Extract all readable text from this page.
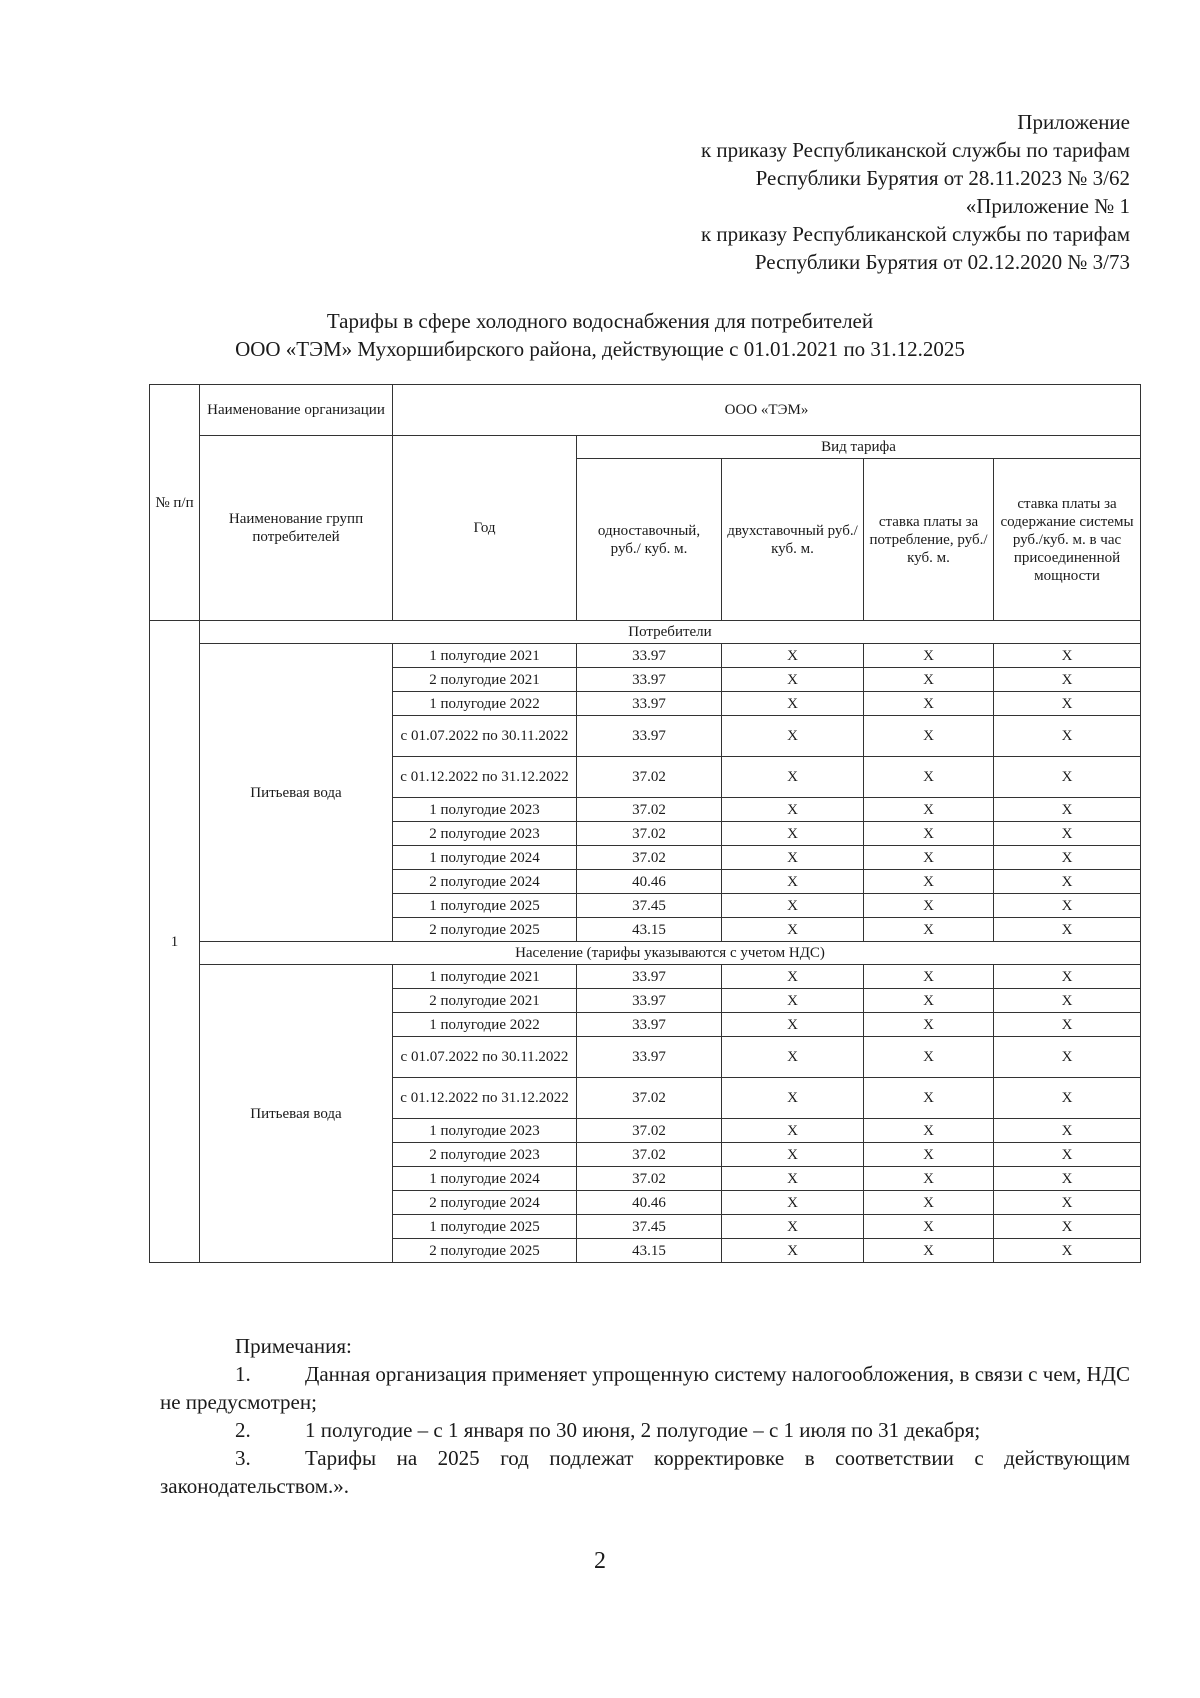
Приложение
к приказу Республиканской службы по тарифам
Республики Бурятия от 28.11.2023 № 3/62
«Приложение № 1
к приказу Республиканской службы по тарифам
Республики Бурятия от 02.12.2020 № 3/73
Тарифы в сфере холодного водоснабжения для потребителей
ООО «ТЭМ» Мухоршибирского района, действующие с 01.01.2021 по 31.12.2025
№ п/п	Наименование организации	ООО «ТЭМ»				
	Наименование групп потребителей	Год	Вид тарифа			
			одноставочный, руб./ куб. м.	двухставочный руб./ куб. м.	ставка платы за потребление, руб./ куб. м.	ставка платы за содержание системы руб./куб. м. в час присоединенной мощности
1	Потребители					
	Питьевая вода	1 полугодие 2021	33.97	X	X	X
		2 полугодие 2021	33.97	X	X	X
		1 полугодие 2022	33.97	X	X	X
		с 01.07.2022 по 30.11.2022	33.97	X	X	X
		с 01.12.2022 по 31.12.2022	37.02	X	X	X
		1 полугодие 2023	37.02	X	X	X
		2 полугодие 2023	37.02	X	X	X
		1 полугодие 2024	37.02	X	X	X
		2 полугодие 2024	40.46	X	X	X
		1 полугодие 2025	37.45	X	X	X
		2 полугодие 2025	43.15	X	X	X
	Население (тарифы указываются с учетом НДС)					
	Питьевая вода	1 полугодие 2021	33.97	X	X	X
		2 полугодие 2021	33.97	X	X	X
		1 полугодие 2022	33.97	X	X	X
		с 01.07.2022 по 30.11.2022	33.97	X	X	X
		с 01.12.2022 по 31.12.2022	37.02	X	X	X
		1 полугодие 2023	37.02	X	X	X
		2 полугодие 2023	37.02	X	X	X
		1 полугодие 2024	37.02	X	X	X
		2 полугодие 2024	40.46	X	X	X
		1 полугодие 2025	37.45	X	X	X
		2 полугодие 2025	43.15	X	X	X
Примечания:
1.	Данная организация применяет упрощенную систему налогообложения, в связи с чем, НДС не предусмотрен;
2.	1 полугодие – с 1 января по 30 июня, 2 полугодие – с 1 июля по 31 декабря;
3.	Тарифы на 2025 год подлежат корректировке в соответствии с действующим законодательством.».
2
